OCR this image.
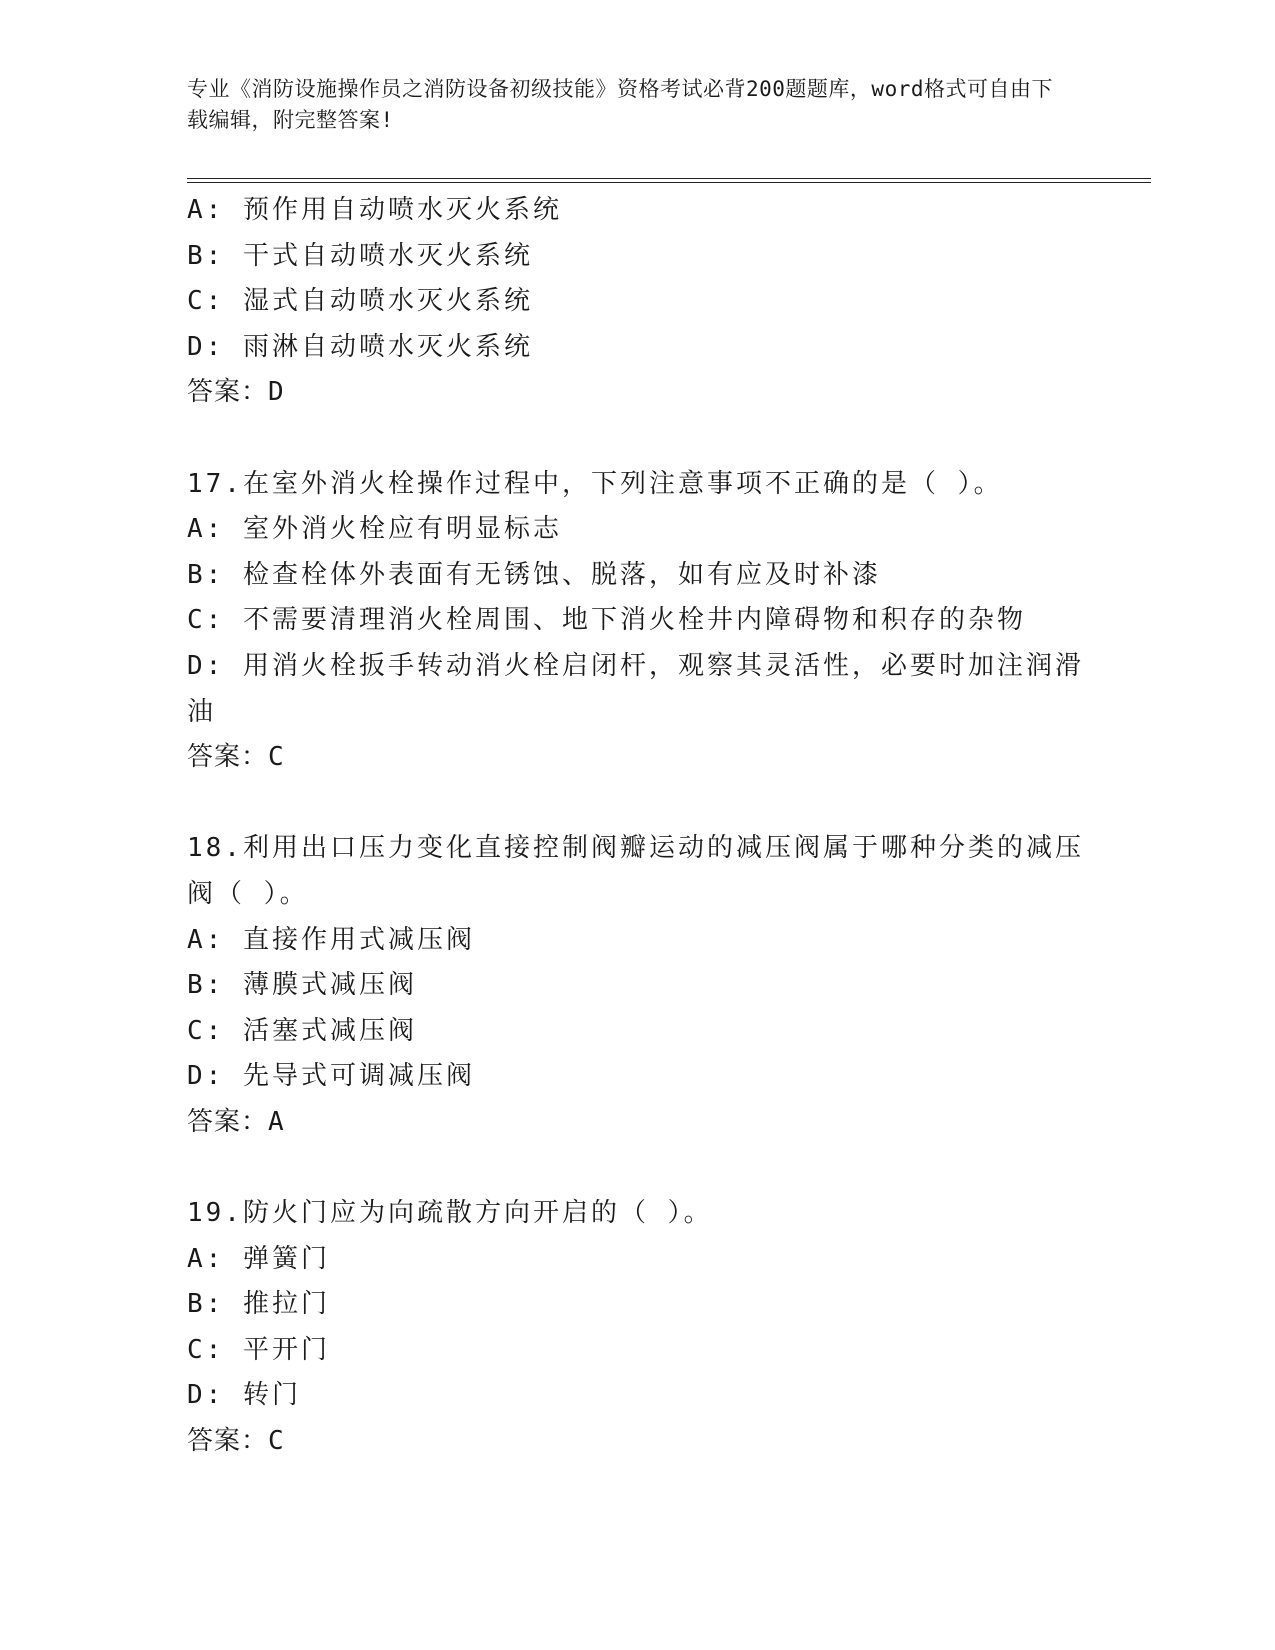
专业《消防设施操作员之消防设备初级技能》资格考试必背200题题库，word格式可自由下载编辑，附完整答案!

A: 预作用自动喷水灭火系统

B: 干式自动喷水灭火系统

C: 湿式自动喷水灭火系统

D: 雨淋自动喷水灭火系统

答案：D

17.在室外消火栓操作过程中，下列注意事项不正确的是（ ）。

A: 室外消火栓应有明显标志

B: 检查栓体外表面有无锈蚀、脱落，如有应及时补漆

C: 不需要清理消火栓周围、地下消火栓井内障碍物和积存的杂物

D: 用消火栓扳手转动消火栓启闭杆，观察其灵活性，必要时加注润滑油

答案：C

18.利用出口压力变化直接控制阀瓣运动的减压阀属于哪种分类的减压阀（ ）。

A: 直接作用式减压阀

B: 薄膜式减压阀

C: 活塞式减压阀

D: 先导式可调减压阀

答案：A

19.防火门应为向疏散方向开启的（ ）。

A: 弹簧门

B: 推拉门

C: 平开门

D: 转门

答案：C
